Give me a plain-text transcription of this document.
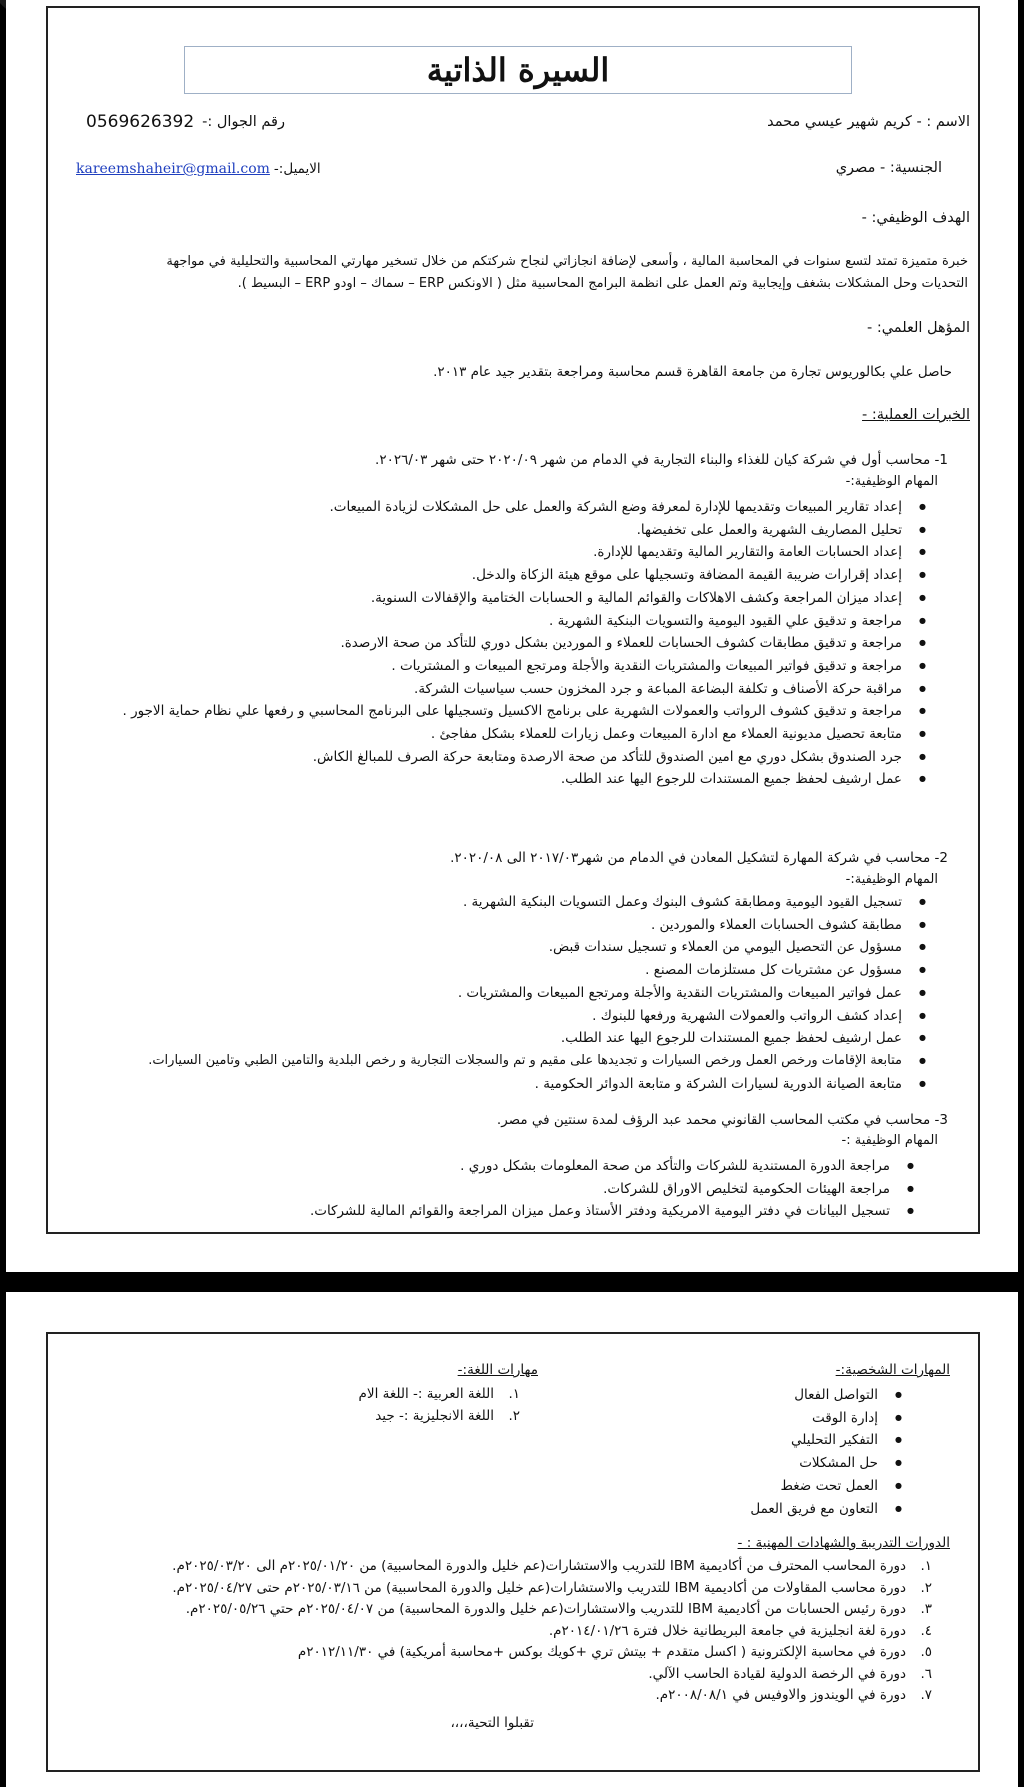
السيرة الذاتية
الاسم : - كريم شهير عيسي محمد
0569626392 رقم الجوال :-
الجنسية: - مصري
kareemshaheir@gmail.com الايميل:-
الهدف الوظيفي: -
خبرة متميزة تمتد لتسع سنوات في المحاسبة المالية ، وأسعى لإضافة انجازاتي لنجاح شركتكم من خلال تسخير مهارتي المحاسبية والتحليلية في مواجهة
التحديات وحل المشكلات بشغف وإيجابية وتم العمل على انظمة البرامج المحاسبية مثل ( الاونكس ERP – سماك – اودو ERP – البسيط ).
المؤهل العلمي: -
حاصل علي بكالوريوس تجارة من جامعة القاهرة قسم محاسبة ومراجعة بتقدير جيد عام ٢٠١٣.
الخبرات العملية: -
1- محاسب أول في شركة كيان للغذاء والبناء التجارية في الدمام من شهر ٢٠٢٠/٠٩ حتى شهر ٢٠٢٦/٠٣.
المهام الوظيفية:-
● إعداد تقارير المبيعات وتقديمها للإدارة لمعرفة وضع الشركة والعمل على حل المشكلات لزيادة المبيعات.
● تحليل المصاريف الشهرية والعمل على تخفيضها.
● إعداد الحسابات العامة والتقارير المالية وتقديمها للإدارة.
● إعداد إقرارات ضريبة القيمة المضافة وتسجيلها على موقع هيئة الزكاة والدخل.
● إعداد ميزان المراجعة وكشف الاهلاكات والقوائم المالية و الحسابات الختامية والإقفالات السنوية.
● مراجعة و تدقيق علي القيود اليومية والتسويات البنكية الشهرية .
● مراجعة و تدقيق مطابقات كشوف الحسابات للعملاء و الموردين بشكل دوري للتأكد من صحة الارصدة.
● مراجعة و تدقيق فواتير المبيعات والمشتريات النقدية والأجلة ومرتجع المبيعات و المشتريات .
● مراقبة حركة الأصناف و تكلفة البضاعة المباعة و جرد المخزون حسب سياسيات الشركة.
● مراجعة و تدقيق كشوف الرواتب والعمولات الشهرية على برنامج الاكسيل وتسجيلها على البرنامج المحاسبي و رفعها علي نظام حماية الاجور .
● متابعة تحصيل مديونية العملاء مع ادارة المبيعات وعمل زيارات للعملاء بشكل مفاجئ .
● جرد الصندوق بشكل دوري مع امين الصندوق للتأكد من صحة الارصدة ومتابعة حركة الصرف للمبالغ الكاش.
● عمل ارشيف لحفظ جميع المستندات للرجوع اليها عند الطلب.
2- محاسب في شركة المهارة لتشكيل المعادن في الدمام من شهر٢٠١٧/٠٣ الى ٢٠٢٠/٠٨.
المهام الوظيفية:-
● تسجيل القيود اليومية ومطابقة كشوف البنوك وعمل التسويات البنكية الشهرية .
● مطابقة كشوف الحسابات العملاء والموردين .
● مسؤول عن التحصيل اليومي من العملاء و تسجيل سندات قبض.
● مسؤول عن مشتريات كل مستلزمات المصنع .
● عمل فواتير المبيعات والمشتريات النقدية والأجلة ومرتجع المبيعات والمشتريات .
● إعداد كشف الرواتب والعمولات الشهرية ورفعها للبنوك .
● عمل ارشيف لحفظ جميع المستندات للرجوع اليها عند الطلب.
● متابعة الإقامات ورخص العمل ورخص السيارات و تجديدها على مقيم و تم والسجلات التجارية و رخص البلدية والتامين الطبي وتامين السيارات.
● متابعة الصيانة الدورية لسيارات الشركة و متابعة الدوائر الحكومية .
3- محاسب في مكتب المحاسب القانوني محمد عبد الرؤف لمدة سنتين في مصر.
المهام الوظيفية :-
● مراجعة الدورة المستندية للشركات والتأكد من صحة المعلومات بشكل دوري .
● مراجعة الهيئات الحكومية لتخليص الاوراق للشركات.
● تسجيل البيانات في دفتر اليومية الامريكية ودفتر الأستاذ وعمل ميزان المراجعة والقوائم المالية للشركات.
المهارات الشخصية:-
● التواصل الفعال
● إدارة الوقت
● التفكير التحليلي
● حل المشكلات
● العمل تحت ضغط
● التعاون مع فريق العمل
مهارات اللغة:-
١.
اللغة العربية :- اللغة الام
٢.
اللغة الانجليزية :- جيد
الدورات التدريبة والشهادات المهنية : -
١.
دورة المحاسب المحترف من أكاديمية IBM للتدريب والاستشارات(عم خليل والدورة المحاسبية) من ٢٠٢٥/٠١/٢٠م الى ٢٠٢٥/٠٣/٢٠م.
٢.
دورة محاسب المقاولات من أكاديمية IBM للتدريب والاستشارات(عم خليل والدورة المحاسبية) من ٢٠٢٥/٠٣/١٦م حتى ٢٠٢٥/٠٤/٢٧م.
٣.
دورة رئيس الحسابات من أكاديمية IBM للتدريب والاستشارات(عم خليل والدورة المحاسبية) من ٢٠٢٥/٠٤/٠٧م حتي ٢٠٢٥/٠٥/٢٦م.
٤.
دورة لغة انجليزية في جامعة البريطانية خلال فترة ٢٠١٤/٠١/٢٦م.
٥.
دورة في محاسبة الإلكترونية ( اكسل متقدم + بيتش تري +كويك بوكس +محاسبة أمريكية) في ٢٠١٢/١١/٣٠م
٦.
دورة في الرخصة الدولية لقيادة الحاسب الآلي.
٧.
دورة في الويندوز والاوفيس في ٢٠٠٨/٠٨/١م.
تقبلوا التحية،،،،
